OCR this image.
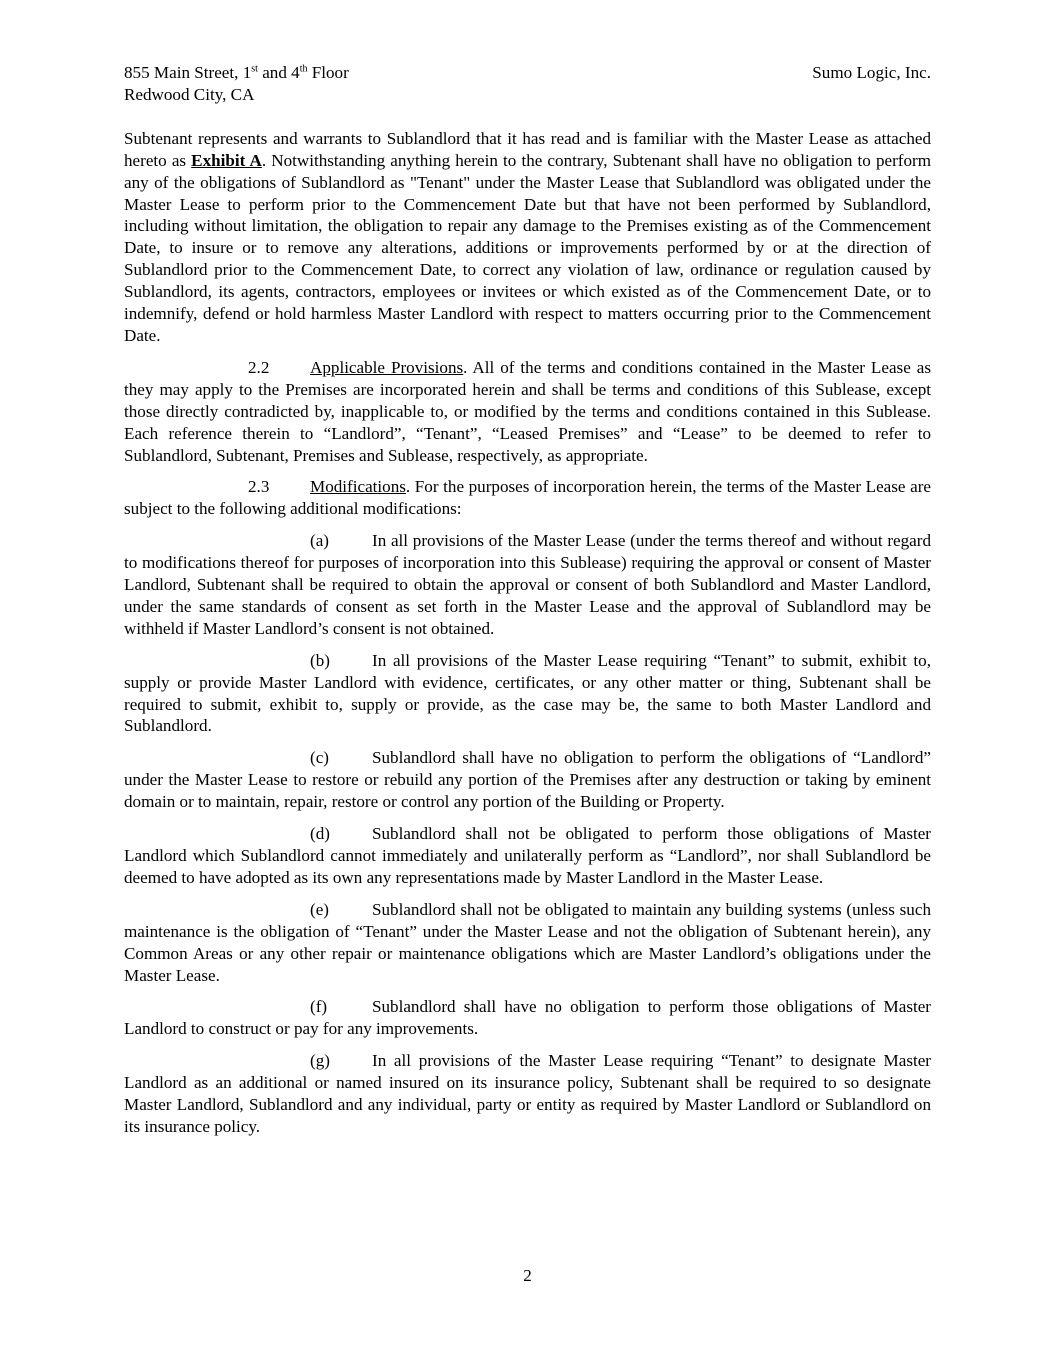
855 Main Street, 1st and 4th Floor
Redwood City, CA
Sumo Logic, Inc.

Subtenant represents and warrants to Sublandlord that it has read and is familiar with the Master Lease as attached hereto as Exhibit A. Notwithstanding anything herein to the contrary, Subtenant shall have no obligation to perform any of the obligations of Sublandlord as "Tenant" under the Master Lease that Sublandlord was obligated under the Master Lease to perform prior to the Commencement Date but that have not been performed by Sublandlord, including without limitation, the obligation to repair any damage to the Premises existing as of the Commencement Date, to insure or to remove any alterations, additions or improvements performed by or at the direction of Sublandlord prior to the Commencement Date, to correct any violation of law, ordinance or regulation caused by Sublandlord, its agents, contractors, employees or invitees or which existed as of the Commencement Date, or to indemnify, defend or hold harmless Master Landlord with respect to matters occurring prior to the Commencement Date.

2.2 Applicable Provisions. All of the terms and conditions contained in the Master Lease as they may apply to the Premises are incorporated herein and shall be terms and conditions of this Sublease, except those directly contradicted by, inapplicable to, or modified by the terms and conditions contained in this Sublease. Each reference therein to “Landlord”, “Tenant”, “Leased Premises” and “Lease” to be deemed to refer to Sublandlord, Subtenant, Premises and Sublease, respectively, as appropriate.

2.3 Modifications. For the purposes of incorporation herein, the terms of the Master Lease are subject to the following additional modifications:

(a)	In all provisions of the Master Lease (under the terms thereof and without regard to modifications thereof for purposes of incorporation into this Sublease) requiring the approval or consent of Master Landlord, Subtenant shall be required to obtain the approval or consent of both Sublandlord and Master Landlord, under the same standards of consent as set forth in the Master Lease and the approval of Sublandlord may be withheld if Master Landlord’s consent is not obtained.

(b) In all provisions of the Master Lease requiring “Tenant” to submit, exhibit to, supply or provide Master Landlord with evidence, certificates, or any other matter or thing, Subtenant shall be required to submit, exhibit to, supply or provide, as the case may be, the same to both Master Landlord and Sublandlord.

(c)	Sublandlord shall have no obligation to perform the obligations of “Landlord” under the Master Lease to restore or rebuild any portion of the Premises after any destruction or taking by eminent domain or to maintain, repair, restore or control any portion of the Building or Property.

(d) Sublandlord shall not be obligated to perform those obligations of Master Landlord which Sublandlord cannot immediately and unilaterally perform as “Landlord”, nor shall Sublandlord be deemed to have adopted as its own any representations made by Master Landlord in the Master Lease.

(e)	Sublandlord shall not be obligated to maintain any building systems (unless such maintenance is the obligation of “Tenant” under the Master Lease and not the obligation of Subtenant herein), any Common Areas or any other repair or maintenance obligations which are Master Landlord’s obligations under the Master Lease.

(f)	Sublandlord shall have no obligation to perform those obligations of Master Landlord to construct or pay for any improvements.

(g) In all provisions of the Master Lease requiring “Tenant” to designate Master Landlord as an additional or named insured on its insurance policy, Subtenant shall be required to so designate Master Landlord, Sublandlord and any individual, party or entity as required by Master Landlord or Sublandlord on its insurance policy.

2
